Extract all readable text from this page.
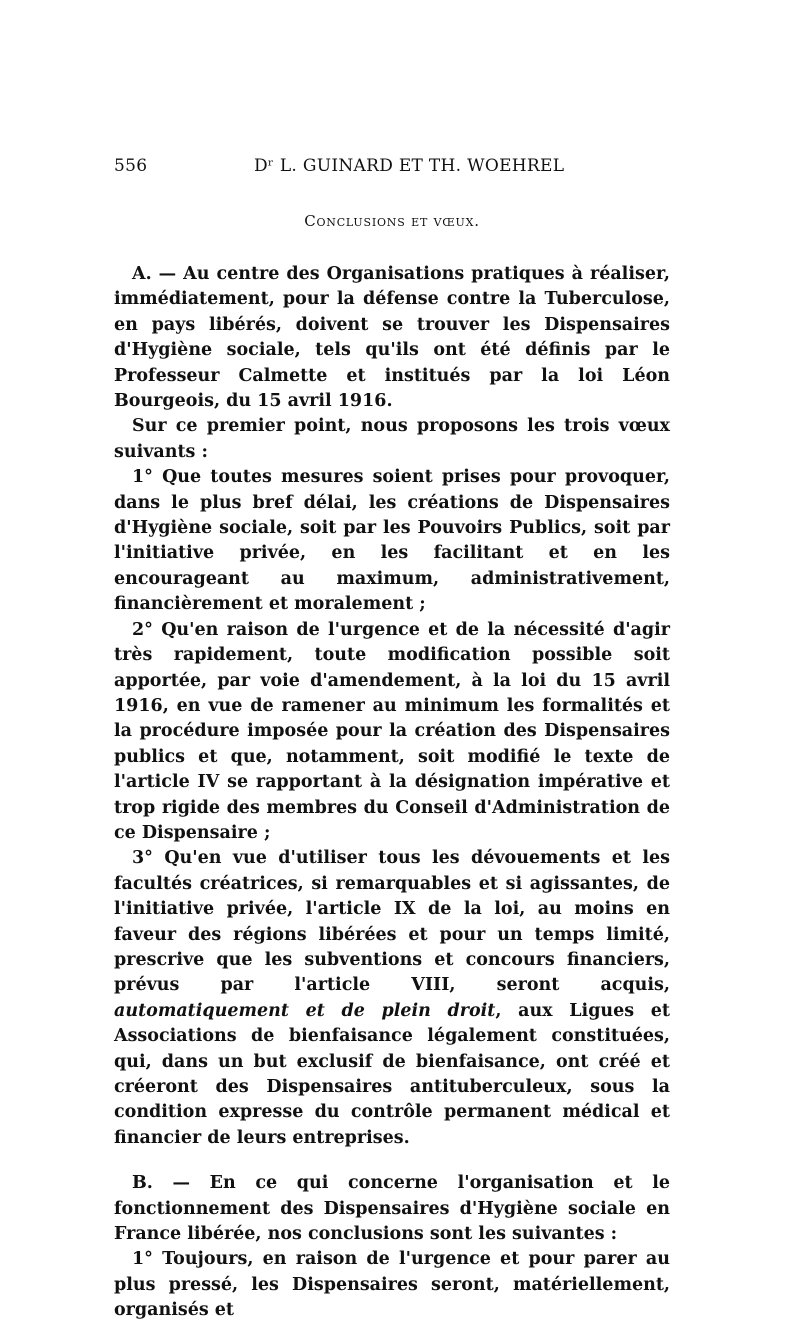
556	Dʳ L. GUINARD ET TH. WOEHREL
Conclusions et vœux.

A. — Au centre des Organisations pratiques à réaliser, immédiatement, pour la défense contre la Tuberculose, en pays libérés, doivent se trouver les Dispensaires d'Hygiène sociale, tels qu'ils ont été définis par le Professeur Calmette et institués par la loi Léon Bourgeois, du 15 avril 1916.

Sur ce premier point, nous proposons les trois vœux suivants :

1° Que toutes mesures soient prises pour provoquer, dans le plus bref délai, les créations de Dispensaires d'Hygiène sociale, soit par les Pouvoirs Publics, soit par l'initiative privée, en les facilitant et en les encourageant au maximum, administrativement, financièrement et moralement ;

2° Qu'en raison de l'urgence et de la nécessité d'agir très rapidement, toute modification possible soit apportée, par voie d'amendement, à la loi du 15 avril 1916, en vue de ramener au minimum les formalités et la procédure imposée pour la création des Dispensaires publics et que, notamment, soit modifié le texte de l'article IV se rapportant à la désignation impérative et trop rigide des membres du Conseil d'Administration de ce Dispensaire ;

3° Qu'en vue d'utiliser tous les dévouements et les facultés créatrices, si remarquables et si agissantes, de l'initiative privée, l'article IX de la loi, au moins en faveur des régions libérées et pour un temps limité, prescrive que les subventions et concours financiers, prévus par l'article VIII, seront acquis, automatiquement et de plein droit, aux Ligues et Associations de bienfaisance légalement constituées, qui, dans un but exclusif de bienfaisance, ont créé et créeront des Dispensaires antituberculeux, sous la condition expresse du contrôle permanent médical et financier de leurs entreprises.

B. — En ce qui concerne l'organisation et le fonctionnement des Dispensaires d'Hygiène sociale en France libérée, nos conclusions sont les suivantes :

1° Toujours, en raison de l'urgence et pour parer au plus pressé, les Dispensaires seront, matériellement, organisés et
